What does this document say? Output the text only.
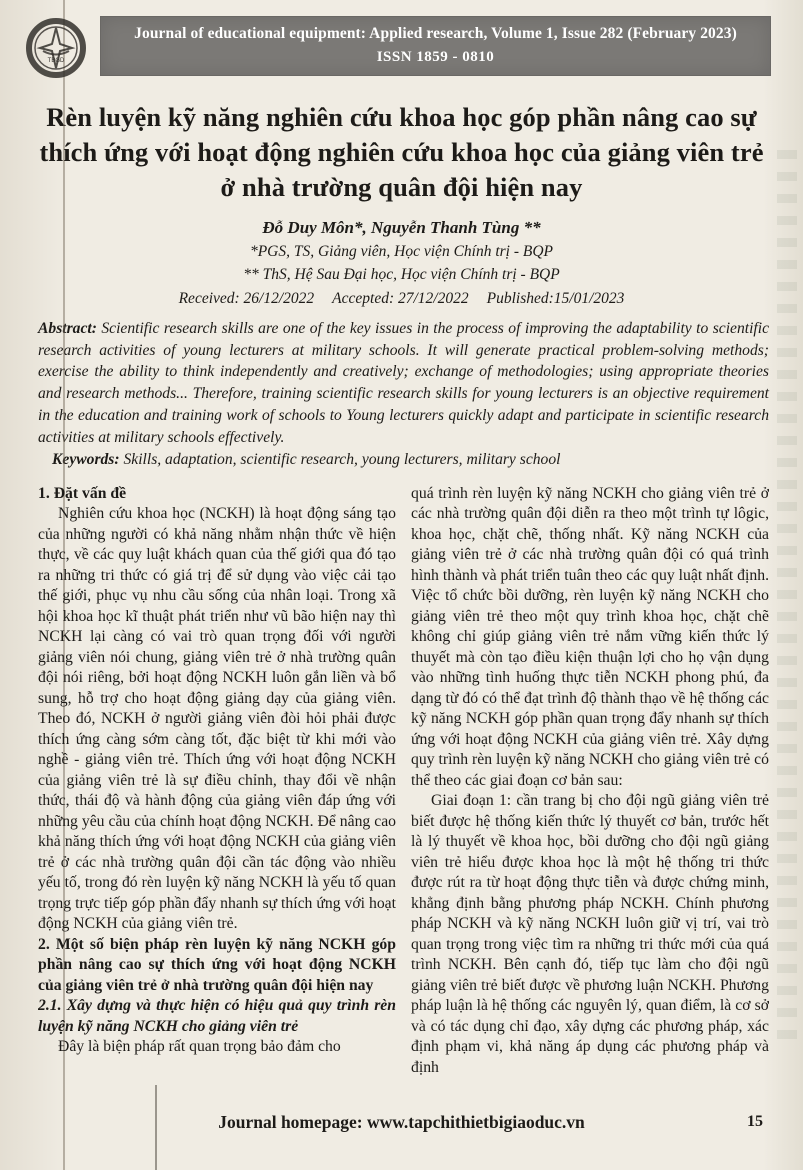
TBGD
Journal of educational equipment: Applied research, Volume 1, Issue 282 (February 2023)
ISSN 1859 - 0810
Rèn luyện kỹ năng nghiên cứu khoa học góp phần nâng cao sự thích ứng với hoạt động nghiên cứu khoa học của giảng viên trẻ ở nhà trường quân đội hiện nay
Đỗ Duy Môn*, Nguyễn Thanh Tùng **
*PGS, TS, Giảng viên, Học viện Chính trị - BQP
** ThS, Hệ Sau Đại học, Học viện Chính trị - BQP
Received: 26/12/2022 Accepted: 27/12/2022 Published:15/01/2023
Abstract: Scientific research skills are one of the key issues in the process of improving the adaptability to scientific research activities of young lecturers at military schools. It will generate practical problem-solving methods; exercise the ability to think independently and creatively; exchange of methodologies; using appropriate theories and research methods... Therefore, training scientific research skills for young lecturers is an objective requirement in the education and training work of schools to Young lecturers quickly adapt and participate in scientific research activities at military schools effectively.
Keywords: Skills, adaptation, scientific research, young lecturers, military school

1. Đặt vấn đề

Nghiên cứu khoa học (NCKH) là hoạt động sáng tạo của những người có khả năng nhằm nhận thức về hiện thực, về các quy luật khách quan của thế giới qua đó tạo ra những tri thức có giá trị để sử dụng vào việc cải tạo thế giới, phục vụ nhu cầu sống của nhân loại. Trong xã hội khoa học kĩ thuật phát triển như vũ bão hiện nay thì NCKH lại càng có vai trò quan trọng đối với người giảng viên nói chung, giảng viên trẻ ở nhà trường quân đội nói riêng, bởi hoạt động NCKH luôn gắn liền và bổ sung, hỗ trợ cho hoạt động giảng dạy của giảng viên. Theo đó, NCKH ở người giảng viên đòi hỏi phải được thích ứng càng sớm càng tốt, đặc biệt từ khi mới vào nghề - giảng viên trẻ. Thích ứng với hoạt động NCKH của giảng viên trẻ là sự điều chỉnh, thay đổi về nhận thức, thái độ và hành động của giảng viên đáp ứng với những yêu cầu của chính hoạt động NCKH. Để nâng cao khả năng thích ứng với hoạt động NCKH của giảng viên trẻ ở các nhà trường quân đội cần tác động vào nhiều yếu tố, trong đó rèn luyện kỹ năng NCKH là yếu tố quan trọng trực tiếp góp phần đẩy nhanh sự thích ứng với hoạt động NCKH của giảng viên trẻ.

2. Một số biện pháp rèn luyện kỹ năng NCKH góp phần nâng cao sự thích ứng với hoạt động NCKH của giảng viên trẻ ở nhà trường quân đội hiện nay

2.1. Xây dựng và thực hiện có hiệu quả quy trình rèn luyện kỹ năng NCKH cho giảng viên trẻ

Đây là biện pháp rất quan trọng bảo đảm cho

quá trình rèn luyện kỹ năng NCKH cho giảng viên trẻ ở các nhà trường quân đội diễn ra theo một trình tự lôgic, khoa học, chặt chẽ, thống nhất. Kỹ năng NCKH của giảng viên trẻ ở các nhà trường quân đội có quá trình hình thành và phát triển tuân theo các quy luật nhất định. Việc tổ chức bồi dưỡng, rèn luyện kỹ năng NCKH cho giảng viên trẻ theo một quy trình khoa học, chặt chẽ không chỉ giúp giảng viên trẻ nắm vững kiến thức lý thuyết mà còn tạo điều kiện thuận lợi cho họ vận dụng vào những tình huống thực tiễn NCKH phong phú, đa dạng từ đó có thể đạt trình độ thành thạo về hệ thống các kỹ năng NCKH góp phần quan trọng đẩy nhanh sự thích ứng với hoạt động NCKH của giảng viên trẻ. Xây dựng quy trình rèn luyện kỹ năng NCKH cho giảng viên trẻ có thể theo các giai đoạn cơ bản sau:

Giai đoạn 1: cần trang bị cho đội ngũ giảng viên trẻ biết được hệ thống kiến thức lý thuyết cơ bản, trước hết là lý thuyết về khoa học, bồi dưỡng cho đội ngũ giảng viên trẻ hiểu được khoa học là một hệ thống tri thức được rút ra từ hoạt động thực tiễn và được chứng minh, khẳng định bằng phương pháp NCKH. Chính phương pháp NCKH và kỹ năng NCKH luôn giữ vị trí, vai trò quan trọng trong việc tìm ra những tri thức mới của quá trình NCKH. Bên cạnh đó, tiếp tục làm cho đội ngũ giảng viên trẻ biết được về phương luận NCKH. Phương pháp luận là hệ thống các nguyên lý, quan điểm, là cơ sở và có tác dụng chỉ đạo, xây dựng các phương pháp, xác định phạm vi, khả năng áp dụng các phương pháp và định

Journal homepage: www.tapchithietbigiaoduc.vn	15
